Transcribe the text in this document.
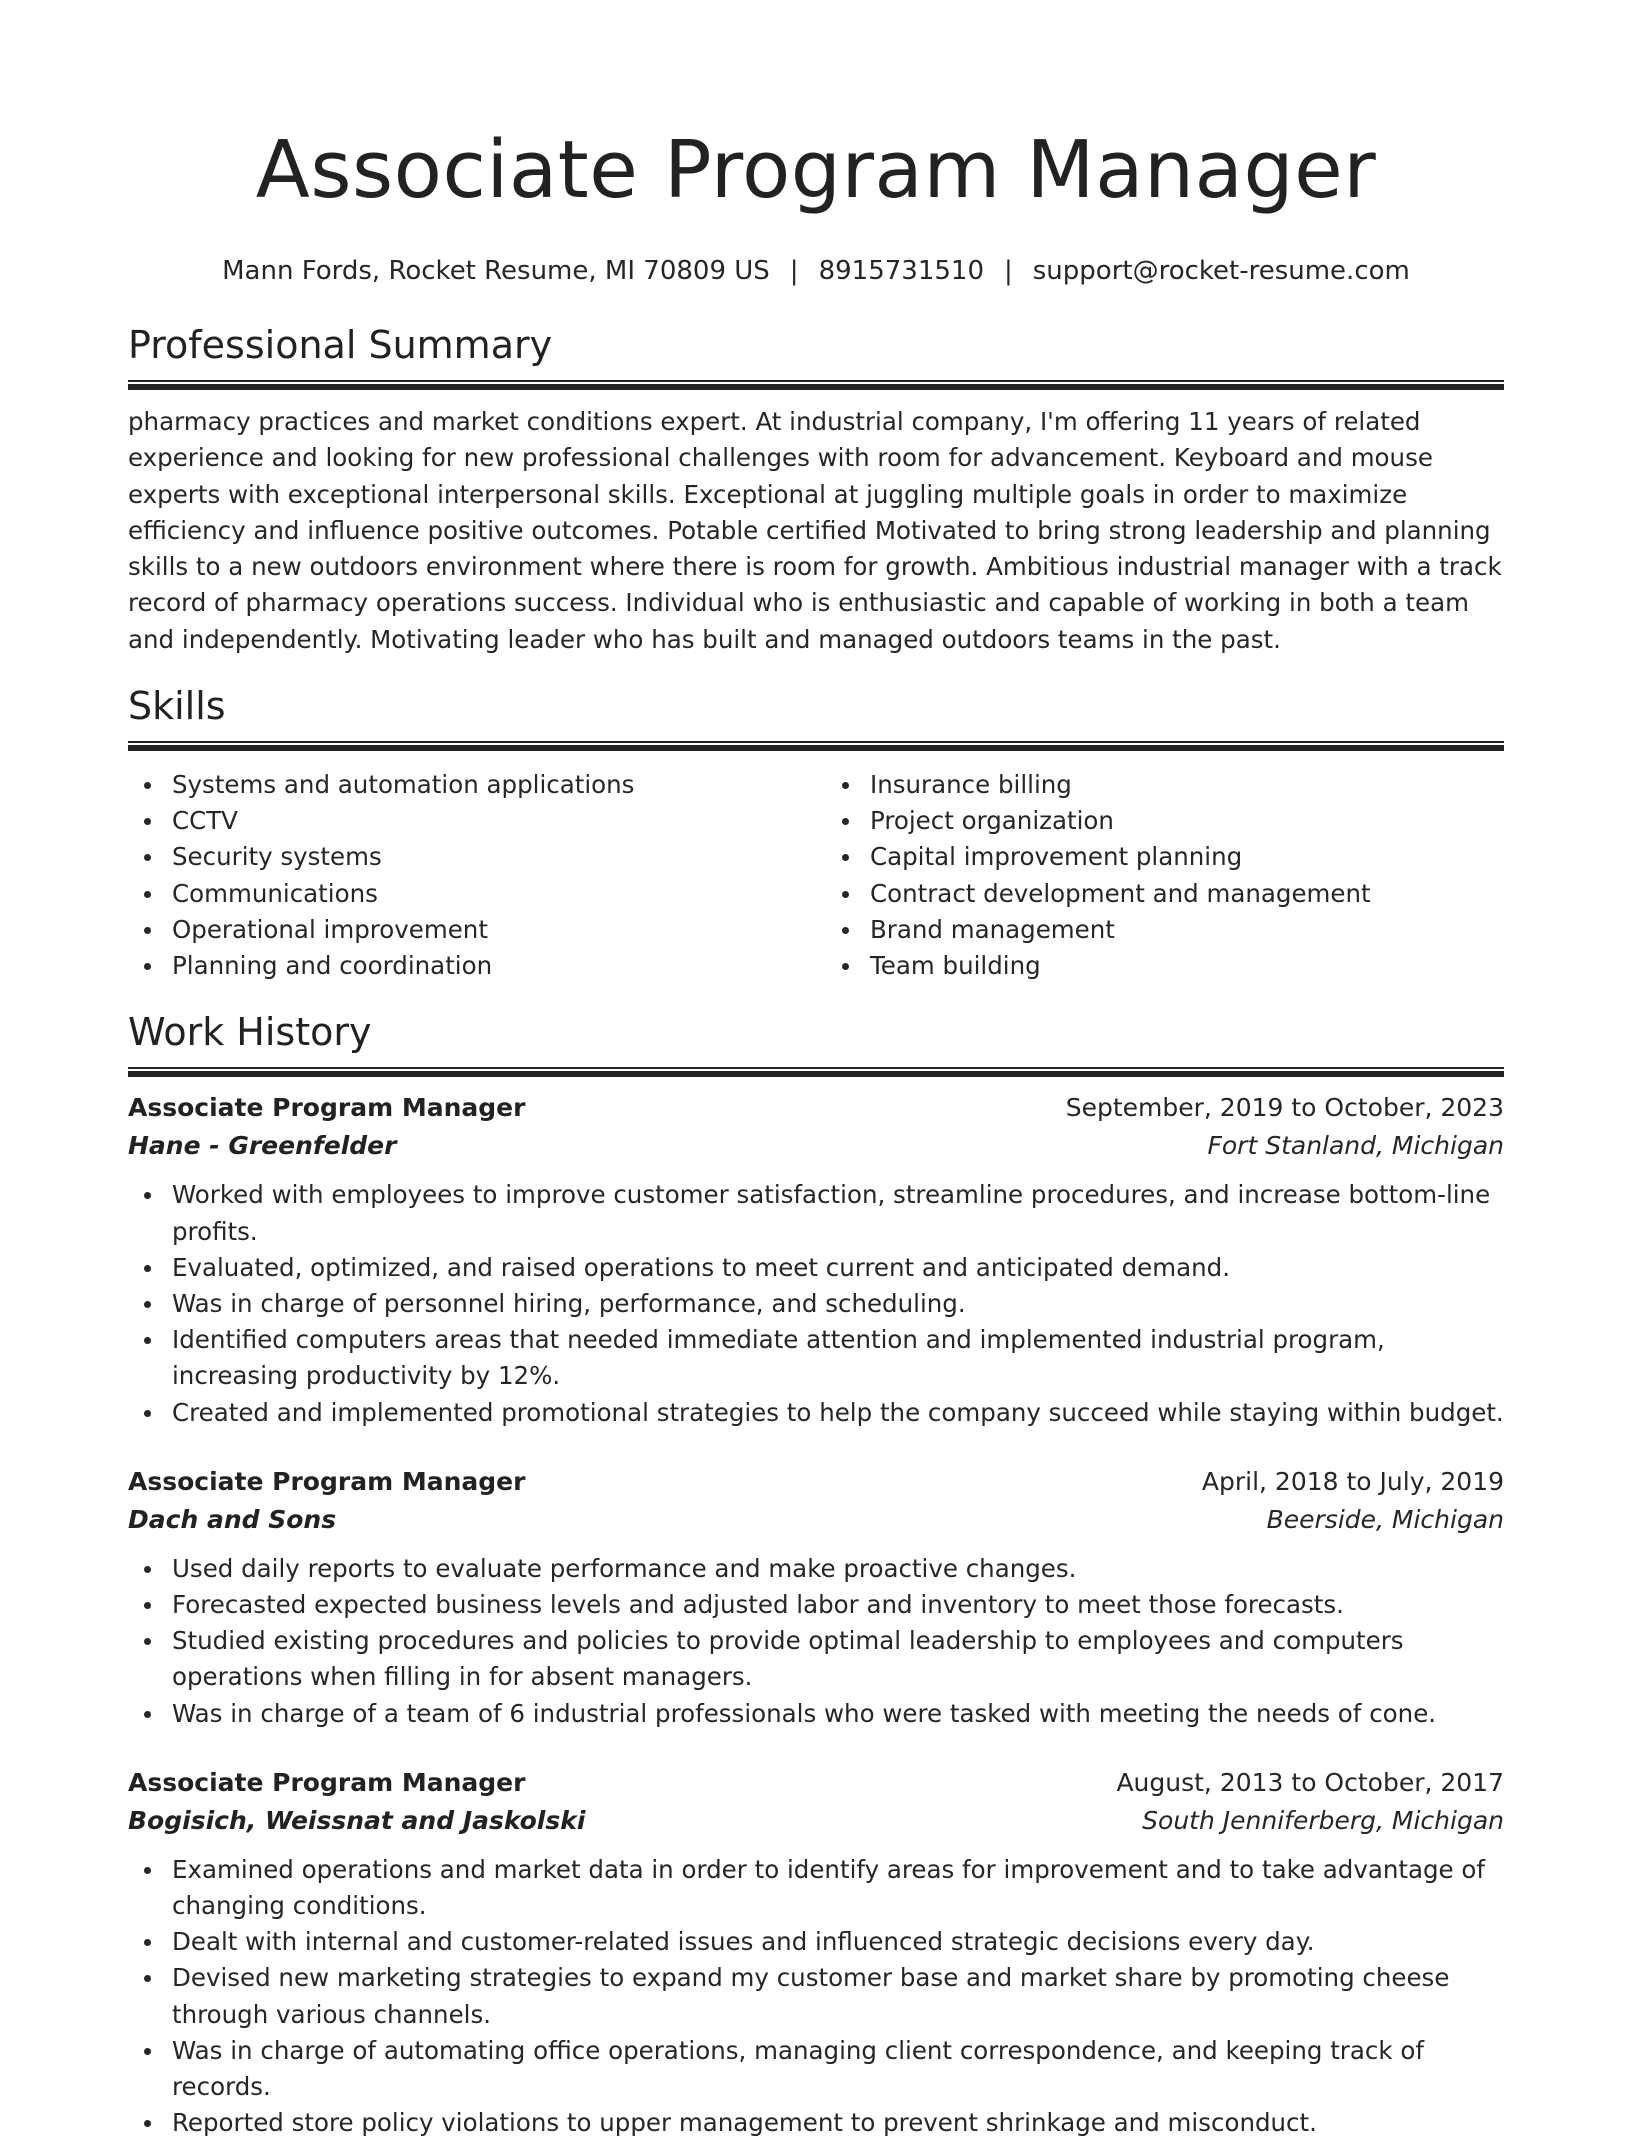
Associate Program Manager
Mann Fords, Rocket Resume, MI 70809 US | 8915731510 | support@rocket-resume.com
Professional Summary

pharmacy practices and market conditions expert. At industrial company, I'm offering 11 years of related experience and looking for new professional challenges with room for advancement. Keyboard and mouse experts with exceptional interpersonal skills. Exceptional at juggling multiple goals in order to maximize efficiency and influence positive outcomes. Potable certified Motivated to bring strong leadership and planning skills to a new outdoors environment where there is room for growth. Ambitious industrial manager with a track record of pharmacy operations success. Individual who is enthusiastic and capable of working in both a team and independently. Motivating leader who has built and managed outdoors teams in the past.

Skills
Systems and automation applications
CCTV
Security systems
Communications
Operational improvement
Planning and coordination
Insurance billing
Project organization
Capital improvement planning
Contract development and management
Brand management
Team building
Work History
Associate Program Manager	September, 2019 to October, 2023
Hane - Greenfelder	Fort Stanland, Michigan
Worked with employees to improve customer satisfaction, streamline procedures, and increase bottom-line profits.
Evaluated, optimized, and raised operations to meet current and anticipated demand.
Was in charge of personnel hiring, performance, and scheduling.
Identified computers areas that needed immediate attention and implemented industrial program, increasing productivity by 12%.
Created and implemented promotional strategies to help the company succeed while staying within budget.
Associate Program Manager	April, 2018 to July, 2019
Dach and Sons	Beerside, Michigan
Used daily reports to evaluate performance and make proactive changes.
Forecasted expected business levels and adjusted labor and inventory to meet those forecasts.
Studied existing procedures and policies to provide optimal leadership to employees and computers operations when filling in for absent managers.
Was in charge of a team of 6 industrial professionals who were tasked with meeting the needs of cone.
Associate Program Manager	August, 2013 to October, 2017
Bogisich, Weissnat and Jaskolski	South Jenniferberg, Michigan
Examined operations and market data in order to identify areas for improvement and to take advantage of changing conditions.
Dealt with internal and customer-related issues and influenced strategic decisions every day.
Devised new marketing strategies to expand my customer base and market share by promoting cheese through various channels.
Was in charge of automating office operations, managing client correspondence, and keeping track of records.
Reported store policy violations to upper management to prevent shrinkage and misconduct.
